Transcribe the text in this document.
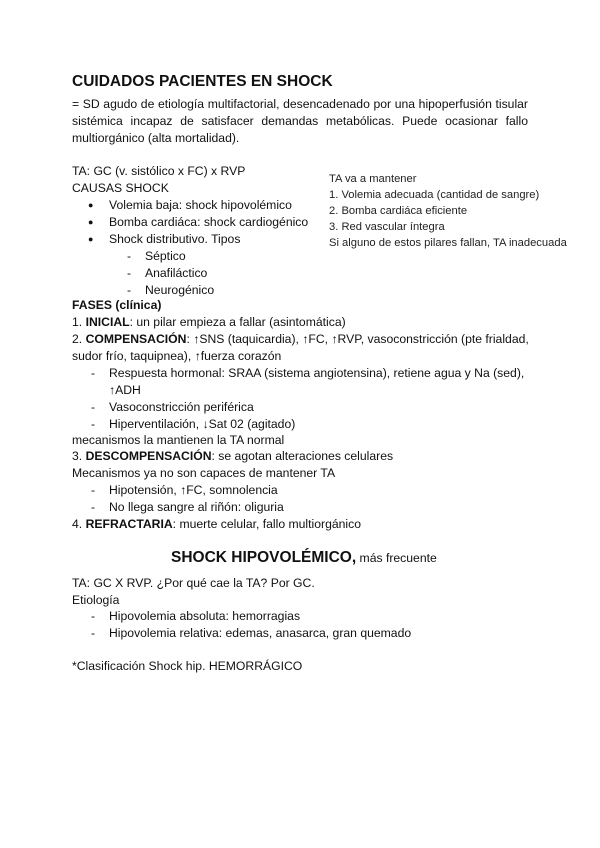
CUIDADOS PACIENTES EN SHOCK
= SD agudo de etiología multifactorial, desencadenado por una hipoperfusión tisular sistémica incapaz de satisfacer demandas metabólicas. Puede ocasionar fallo multiorgánico (alta mortalidad).
TA: GC (v. sistólico x FC) x RVP
CAUSAS SHOCK
● Volemia baja: shock hipovolémico
● Bomba cardiáca: shock cardiogénico
● Shock distributivo. Tipos
- Séptico
- Anafiláctico
- Neurogénico
TA va a mantener
1. Volemia adecuada (cantidad de sangre)
2. Bomba cardiáca eficiente
3. Red vascular íntegra
Si alguno de estos pilares fallan, TA inadecuada
FASES (clínica)
1. INICIAL: un pilar empieza a fallar (asintomática)
2. COMPENSACIÓN: ↑SNS (taquicardia), ↑FC, ↑RVP, vasoconstricción (pte frialdad,
sudor frío, taquipnea), ↑fuerza corazón
- Respuesta hormonal: SRAA (sistema angiotensina), retiene agua y Na (sed),
↑ADH
- Vasoconstricción periférica
- Hiperventilación, ↓Sat 02 (agitado)
mecanismos la mantienen la TA normal
3. DESCOMPENSACIÓN: se agotan alteraciones celulares
Mecanismos ya no son capaces de mantener TA
- Hipotensión, ↑FC, somnolencia
- No llega sangre al riñón: oliguria
4. REFRACTARIA: muerte celular, fallo multiorgánico
SHOCK HIPOVOLÉMICO, más frecuente
TA: GC X RVP. ¿Por qué cae la TA? Por GC.
Etiología
- Hipovolemia absoluta: hemorragias
- Hipovolemia relativa: edemas, anasarca, gran quemado
*Clasificación Shock hip. HEMORRÁGICO
